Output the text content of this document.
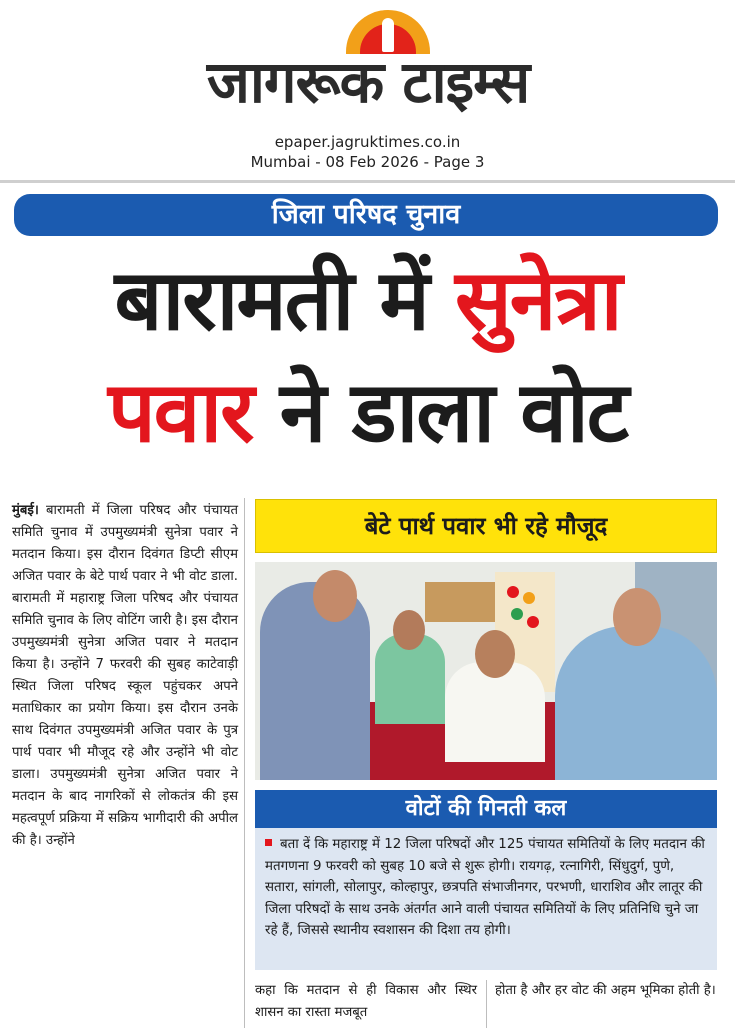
जागरूक टाइम्स
epaper.jagruktimes.co.in
Mumbai - 08 Feb 2026 - Page 3
जिला परिषद चुनाव
बारामती में सुनेत्रा
पवार ने डाला वोट
मुंबई। बारामती में जिला परिषद और पंचायत समिति चुनाव में उपमुख्यमंत्री सुनेत्रा पवार ने मतदान किया। इस दौरान दिवंगत डिप्टी सीएम अजित पवार के बेटे पार्थ पवार ने भी वोट डाला. बारामती में महाराष्ट्र जिला परिषद और पंचायत समिति चुनाव के लिए वोटिंग जारी है। इस दौरान उपमुख्यमंत्री सुनेत्रा अजित पवार ने मतदान किया है। उन्होंने 7 फरवरी की सुबह काटेवाड़ी स्थित जिला परिषद स्कूल पहुंचकर अपने मताधिकार का प्रयोग किया। इस दौरान उनके साथ दिवंगत उपमुख्यमंत्री अजित पवार के पुत्र पार्थ पवार भी मौजूद रहे और उन्होंने भी वोट डाला। उपमुख्यमंत्री सुनेत्रा अजित पवार ने मतदान के बाद नागरिकों से लोकतंत्र की इस महत्वपूर्ण प्रक्रिया में सक्रिय भागीदारी की अपील की है। उन्होंने
बेटे पार्थ पवार भी रहे मौजूद
वोटों की गिनती कल
बता दें कि महाराष्ट्र में 12 जिला परिषदों और 125 पंचायत समितियों के लिए मतदान की मतगणना 9 फरवरी को सुबह 10 बजे से शुरू होगी। रायगढ़, रत्नागिरी, सिंधुदुर्ग, पुणे, सतारा, सांगली, सोलापुर, कोल्हापुर, छत्रपति संभाजीनगर, परभणी, धाराशिव और लातूर की जिला परिषदों के साथ उनके अंतर्गत आने वाली पंचायत समितियों के लिए प्रतिनिधि चुने जा रहे हैं, जिससे स्थानीय स्वशासन की दिशा तय होगी।
कहा कि मतदान से ही विकास और स्थिर शासन का रास्ता मजबूत
होता है और हर वोट की अहम भूमिका होती है।
